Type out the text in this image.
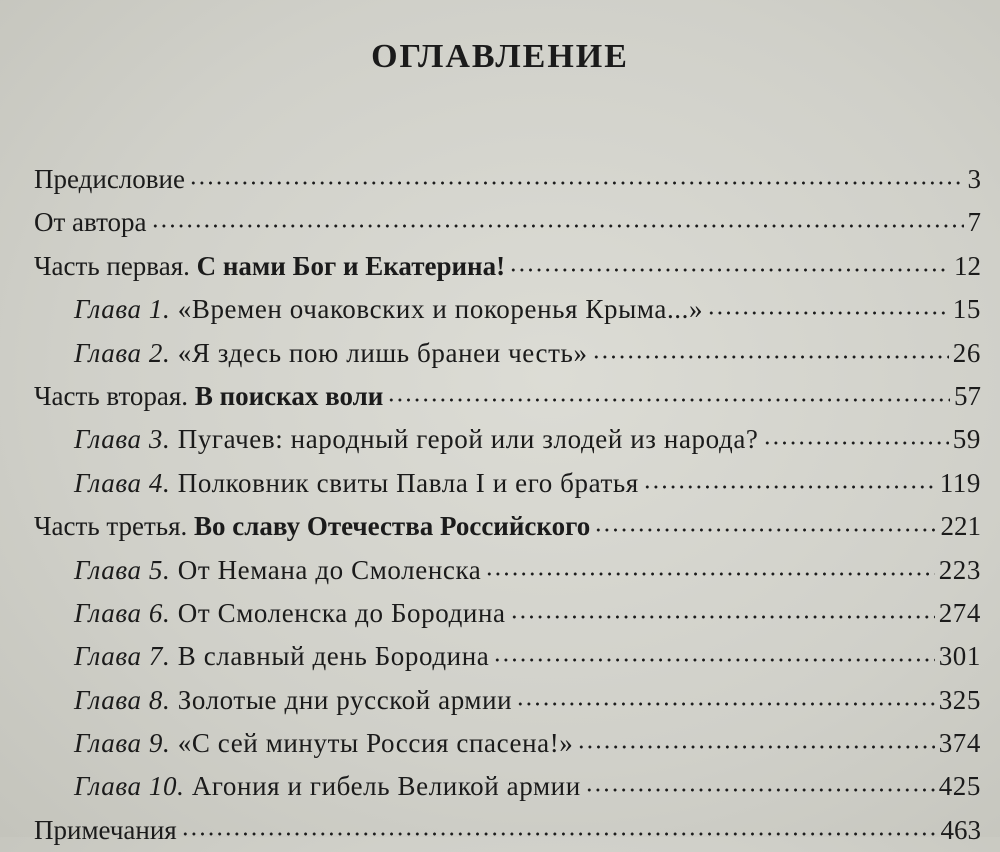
ОГЛАВЛЕНИЕ
Предисловие	3
От автора	7
Часть первая. С нами Бог и Екатерина!	12
Глава 1. «Времен очаковских и покоренья Крыма...»	15
Глава 2. «Я здесь пою лишь бранеи честь»	26
Часть вторая. В поисках воли	57
Глава 3. Пугачев: народный герой или злодей из народа?	59
Глава 4. Полковник свиты Павла I и его братья	119
Часть третья. Во славу Отечества Российского	221
Глава 5. От Немана до Смоленска	223
Глава 6. От Смоленска до Бородина	274
Глава 7. В славный день Бородина	301
Глава 8. Золотые дни русской армии	325
Глава 9. «С сей минуты Россия спасена!»	374
Глава 10. Агония и гибель Великой армии	425
Примечания	463
